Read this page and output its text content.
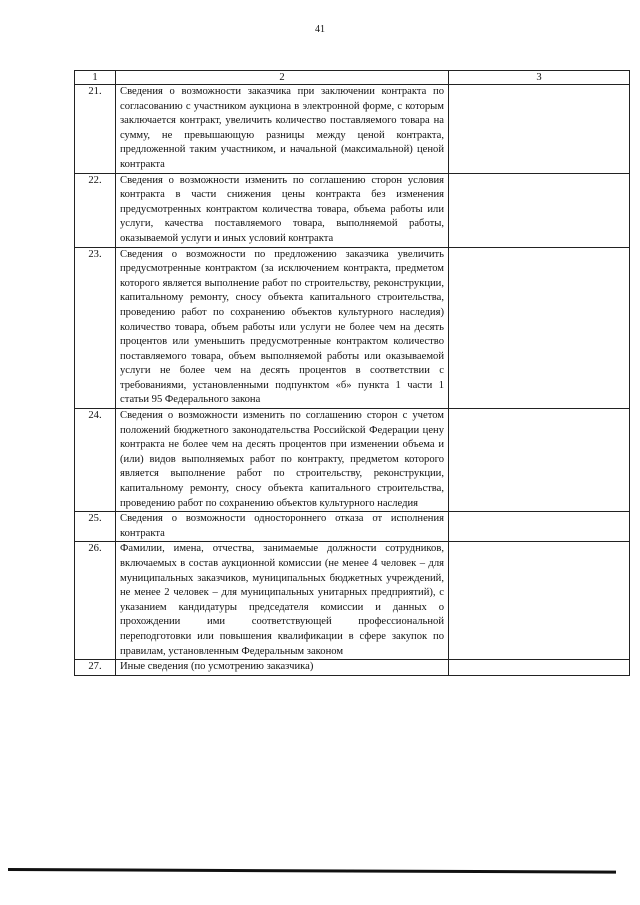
41
1	2	3
21.	Сведения о возможности заказчика при заключении контракта по согласованию с участником аукциона в электронной форме, с которым заключается контракт, увеличить количество поставляемого товара на сумму, не превышающую разницы между ценой контракта, предложенной таким участником, и начальной (максимальной) ценой контракта	

22.	Сведения о возможности изменить по соглашению сторон условия контракта в части снижения цены контракта без изменения предусмотренных контрактом количества товара, объема работы или услуги, качества поставляемого товара, выполняемой работы, оказываемой услуги и иных условий контракта	

23.	Сведения о возможности по предложению заказчика увеличить предусмотренные контрактом (за исключением контракта, предметом которого является выполнение работ по строительству, реконструкции, капитальному ремонту, сносу объекта капитального строительства, проведению работ по сохранению объектов культурного наследия) количество товара, объем работы или услуги не более чем на десять процентов или уменьшить предусмотренные контрактом количество поставляемого товара, объем выполняемой работы или оказываемой услуги не более чем на десять процентов в соответствии с требованиями, установленными подпунктом «б» пункта 1 части 1 статьи 95 Федерального закона	

24.	Сведения о возможности изменить по соглашению сторон с учетом положений бюджетного законодательства Российской Федерации цену контракта не более чем на десять процентов при изменении объема и (или) видов выполняемых работ по контракту, предметом которого является выполнение работ по строительству, реконструкции, капитальному ремонту, сносу объекта капитального строительства, проведению работ по сохранению объектов культурного наследия	

25.	Сведения о возможности одностороннего отказа от исполнения контракта	

26.	Фамилии, имена, отчества, занимаемые должности сотрудников, включаемых в состав аукционной комиссии (не менее 4 человек – для муниципальных заказчиков, муниципальных бюджетных учреждений, не менее 2 человек – для муниципальных унитарных предприятий), с указанием кандидатуры председателя комиссии и данных о прохождении ими соответствующей профессиональной переподготовки или повышения квалификации в сфере закупок по правилам, установленным Федеральным законом	

27.	Иные сведения (по усмотрению заказчика)	
